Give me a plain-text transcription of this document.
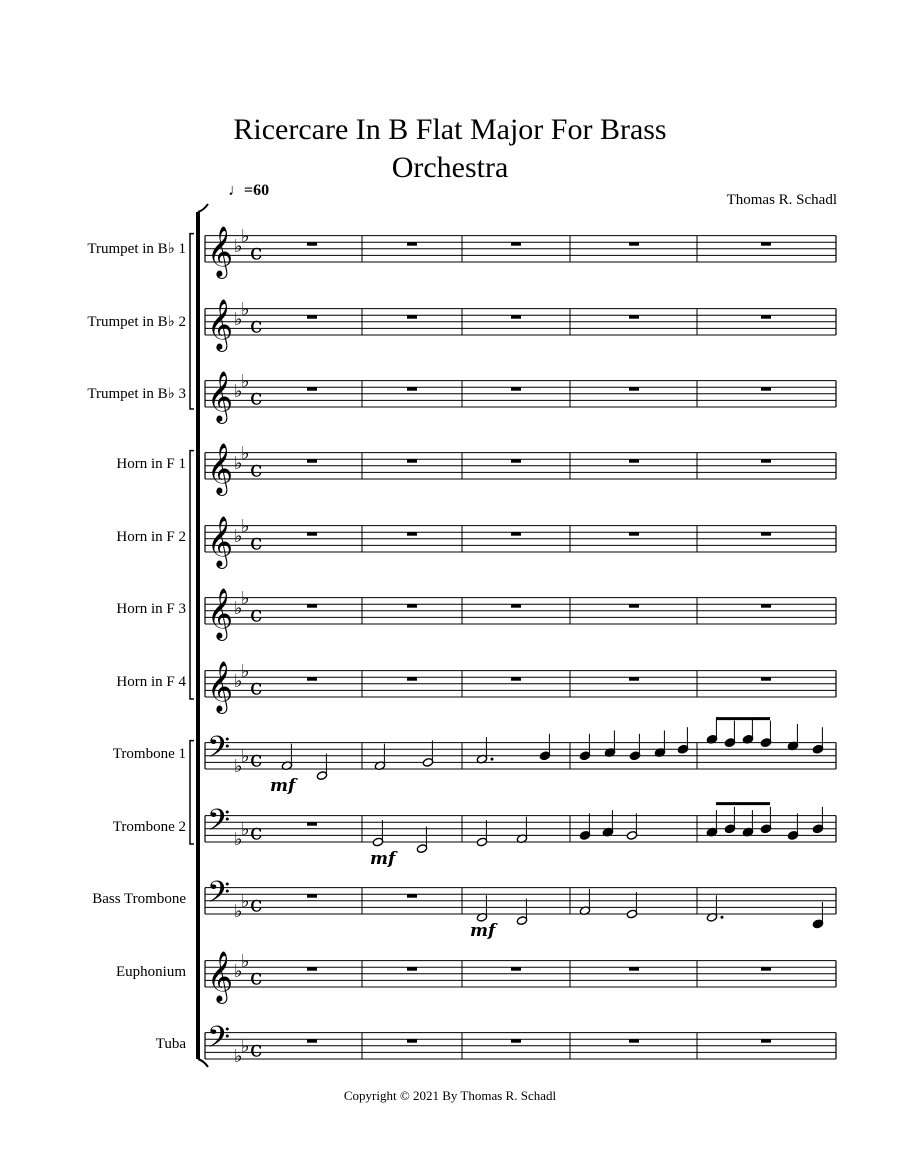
Ricercare In B Flat Major For Brass
Orchestra
Thomas R. Schadl
♩=60
Trumpet in B♭ 1
Trumpet in B♭ 2
Trumpet in B♭ 3
Horn in F 1
Horn in F 2
Horn in F 3
Horn in F 4
Trombone 1
Trombone 2
Bass Trombone
Euphonium
Tuba
𝄞 ♭
♭
c
𝄞 ♭
♭
c
𝄞 ♭
♭
c
𝄞 ♭
♭
c
𝄞 ♭
♭
c
𝄞 ♭
♭
c
𝄞 ♭
♭
c
𝄢 ♭
♭ c
𝄢 ♭
♭ c
𝄢 ♭
♭ c
𝄞 ♭
♭
c
𝄢 ♭
♭ c
mf
mf
mf
Copyright © 2021 By Thomas R. Schadl
